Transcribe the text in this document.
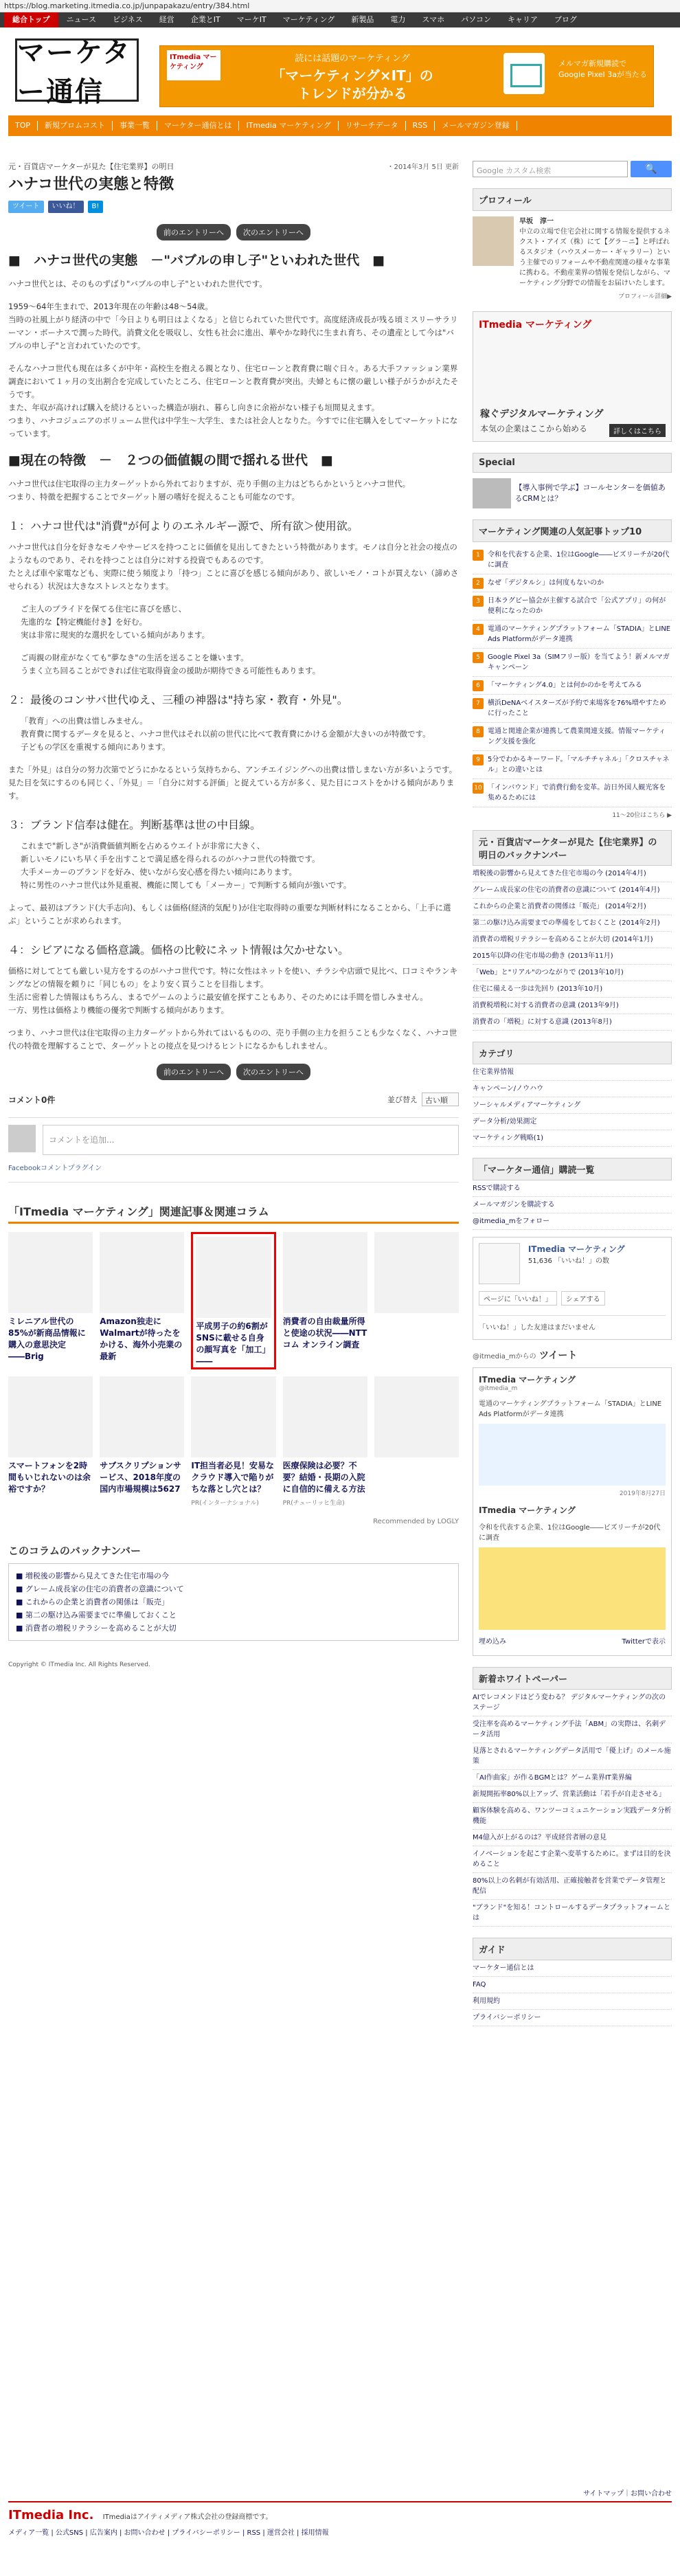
https://blog.marketing.itmedia.co.jp/junpapakazu/entry/384.html
総合トップ	ニュース	ビジネス	経営	企業とIT	マーケIT	マーケティング	新製品	電力	スマホ	パソコン	キャリア	ブログ
マーケター通信
ITmedia マーケティング
読には話題のマーケティング
「マーケティング×IT」の
トレンドが分かる
メルマガ新規購読で Google Pixel 3aが当たる
TOP	新規プロムコスト	事業一覧	マーケター通信とは	ITmedia マーケティング	リサーチデータ	RSS	メールマガジン登録
元・百貨店マーケターが見た【住宅業界】の明日	・2014年3月 5日 更新
ハナコ世代の実態と特徴
ツイート	いいね！	B!
前のエントリーへ	次のエントリーへ
■　ハナコ世代の実態　－"バブルの申し子"といわれた世代　■

ハナコ世代とは、そのものずばり"バブルの申し子"といわれた世代です。

1959〜64年生まれで、2013年現在の年齢は48〜54歳。
当時の社風上がり経済の中で「今日よりも明日はよくなる」と信じられていた世代です。高度経済成長が残る頃ミスリーサラリーマン・ボーナスで潤った時代。消費文化を吸収し、女性も社会に進出、華やかな時代に生まれ育ち、その遺産として今は"バブルの申し子"と言われていたのです。

そんなハナコ世代も現在は多くが中年・高校生を抱える親となり、住宅ローンと教育費に喘ぐ日々。ある大手ファッション業界調査において１ヶ月の支出割合を完成していたところ、住宅ローンと教育費が突出。夫婦ともに懐の厳しい様子がうかがえたそうです。
また、年収が高ければ購入を続けるといった構造が崩れ、暮らし向きに余裕がない様子も垣間見えます。
つまり、ハナコジュニアのボリューム世代は中学生〜大学生、または社会人となりた。今すでに住宅購入をしてマーケットになっています。

■現在の特徴　－　２つの価値観の間で揺れる世代　■

ハナコ世代は住宅取得の主力ターゲットから外れておりますが、売り手側の主力はどちらかというとハナコ世代。
つまり、特徴を把握することでターゲット層の嗜好を捉えることも可能なのです。

１：ハナコ世代は"消費"が何よりのエネルギー源で、所有欲＞使用欲。

ハナコ世代は自分を好きなモノやサービスを持つことに価値を見出してきたという特徴があります。モノは自分と社会の接点のようなものであり、それを持つことは自分に対する投資でもあるのです。
たとえば車や家電なども、実際に使う頻度より「持つ」ことに喜びを感じる傾向があり、欲しいモノ・コトが買えない（諦めさせられる）状況は大きなストレスとなります。

ご主人のプライドを保てる住宅に喜びを感じ、
先進的な【特定機能付き】を好む。
実は非常に現実的な選択をしている傾向があります。
ご両親の財産がなくても"夢なき"の生活を送ることを嫌います。
うまく立ち回ることができれば住宅取得資金の援助が期待できる可能性もあります。
２：最後のコンサバ世代ゆえ、三種の神器は"持ち家・教育・外見"。
「教育」への出費は惜しみません。
教育費に関するデータを見ると、ハナコ世代はそれ以前の世代に比べて教育費にかける金額が大きいのが特徴です。
子どもの学区を重視する傾向にあります。

また「外見」は自分の努力次第でどうにかなるという気持ちから、アンチエイジングへの出費は惜しまない方が多いようです。
見た目を気にするのも同じく、「外見」＝「自分に対する評価」と捉えている方が多く、見た目にコストをかける傾向があります。

３：ブランド信奉は健在。判断基準は世の中目線。
これまで"新しさ"が消費価値判断を占めるウエイトが非常に大きく、
新しいモノにいち早く手を出すことで満足感を得られるのがハナコ世代の特徴です。
大手メーカーのブランドを好み、使いながら安心感を得たい傾向にあります。
特に男性のハナコ世代は外見重視、機能に関しても「メーカー」で判断する傾向が強いです。

よって、最初はブランド(大手志向)、もしくは価格(経済的気配り)が住宅取得時の重要な判断材料になることから、「上手に選ぶ」ということが求められます。

４：シビアになる価格意識。価格の比較にネット情報は欠かせない。

価格に対してとても厳しい見方をするのがハナコ世代です。特に女性はネットを使い、チラシや店頭で見比べ、口コミやランキングなどの情報を頼りに「同じもの」をより安く買うことを目指します。
生活に密着した情報はもちろん、まるでゲームのように最安値を探すこともあり、そのためには手間を惜しみません。
一方、男性は価格より機能の優劣で判断する傾向があります。

つまり、ハナコ世代は住宅取得の主力ターゲットから外れてはいるものの、売り手側の主力を担うことも少なくなく、ハナコ世代の特徴を理解することで、ターゲットとの接点を見つけるヒントになるかもしれません。

前のエントリーへ	次のエントリーへ
コメント0件	並び替え	古い順
コメントを追加...
Facebookコメントプラグイン
「ITmedia マーケティング」関連記事＆関連コラム
ミレニアル世代の85%が新商品情報に購入の意思決定――Brig
Amazon独走にWalmartが待ったをかける、海外小売業の最新
平成男子の約6割がSNSに載せる自身の顔写真を「加工」――
消費者の自由裁量所得と使途の状況――NTTコム オンライン調査
スマートフォンを2時間もいじれないのは余裕ですか？
サブスクリプションサービス、2018年度の国内市場規模は5627
IT担当者必見！安易なクラウド導入で陥りがちな落とし穴とは？
PR(インターナショナル)
医療保険は必要？不要？結婚・長期の入院に自信的に備える方法
PR(チューリッヒ生命)
Recommended by LOGLY
このコラムのバックナンバー
■ 増税後の影響から見えてきた住宅市場の今
■ グレーム成長家の住宅の消費者の意識について
■ これからの企業と消費者の関係は「販売」
■ 第二の駆け込み需要までに準備しておくこと
■ 消費者の増税リテラシーを高めることが大切
Copyright © ITmedia Inc. All Rights Reserved.
Google カスタム検索	🔍
プロフィール
早坂　淳一
中立の立場で住宅会社に関する情報を提供するネクスト・アイズ（株）にて【グラ－ニ】と呼ばれるスタジオ（ハウスメーカー・ギャラリー）という主催でのリフォームや不動産関連の様々な事業に携わる。不動産業界の情報を発信しながら、マーケティング分野での情報をお届けいたします。
プロフィール詳細▶
ITmedia マーケティング
稼ぐデジタルマーケティング
本気の企業はここから始める	詳しくはこちら
Special
【導入事例で学ぶ】コールセンターを価値あるCRMとは？
マーケティング関連の人気記事トップ10
1	令和を代表する企業、1位はGoogle――ビズリーチが20代に調査
2	なぜ「デジタルシ」は何度もないのか
3	日本ラグビー協会が主催する試合で「公式アプリ」の何が便利になったのか
4	電通のマーケティングプラットフォーム「STADIA」とLINE Ads Platformがデータ連携
5	Google Pixel 3a（SIMフリー版）を当てよう！新メルマガキャンペーン
6	「マーケティング4.0」とは何かのかを考えてみる
7	横浜DeNAベイスターズが予約で来場客を76%増やすために行ったこと
8	電通と関連企業が連携して農業関連支援。情報マーケティング支援を強化
9	5分でわかるキーワード。「マルチチャネル」「クロスチャネル」との違いとは
10 「インバウンド」で消費行動を変革。訪日外国人観光客を集めるためには
11〜20位はこちら ▶
元・百貨店マーケターが見た【住宅業界】の明日のバックナンバー
増税後の影響から見えてきた住宅市場の今 (2014年4月)
グレーム成長家の住宅の消費者の意識について (2014年4月)
これからの企業と消費者の関係は「販売」 (2014年2月)
第二の駆け込み需要までの準備をしておくこと (2014年2月)
消費者の増税リテラシーを高めることが大切 (2014年1月)
2015年以降の住宅市場の動き (2013年11月)
「Web」と"リアル"のつながりで (2013年10月)
住宅に備える一歩は先回り (2013年10月)
消費税増税に対する消費者の意識 (2013年9月)
消費者の「増税」に対する意識 (2013年8月)
カテゴリ
住宅業界情報
キャンペーン/ノウハウ
ソーシャルメディアマーケティング
データ分析/効果測定
マーケティング戦略(1)
「マーケター通信」購読一覧
RSSで購読する
メールマガジンを購読する
@itmedia_mをフォロー
ITmedia マーケティング
51,636 「いいね！」の数
ページに「いいね！」	シェアする
「いいね！」した友達はまだいません
@itmedia_mからの ツイート
ITmedia マーケティング
@itmedia_m
電通のマーケティングプラットフォーム「STADIA」とLINE Ads Platformがデータ連携
2019年8月27日
ITmedia マーケティング
令和を代表する企業、1位はGoogle――ビズリーチが20代に調査
埋め込み	Twitterで表示
新着ホワイトペーパー
AIでレコメンドはどう変わる？ デジタルマーケティングの次のステージ
受注率を高めるマーケティング手法「ABM」の実際は、名刺データ活用
見落とされるマーケティングデータ活用で「優上げ」のメール施策
「AI作曲家」が作るBGMとは？ゲーム業界IT業界編
新規開拓率80%以上アップ、営業活動は「若手が自走させる」
顧客体験を高める、ワンツーコミュニケーション実践データ分析機能
M4億入が上がるのは？平成経営者層の意見
イノベーションを起こす企業へ変革するために。まずは目的を決めること
80%以上の名刺が有効活用、正確接触者を営業でデータ管理と配信
"ブランド"を知る！コントロールするデータプラットフォームとは
ガイド
マーケター通信とは
FAQ
利用規約
プライバシーポリシー
サイトマップ｜お問い合わせ
ITmedia Inc. ITmediaはアイティメディア株式会社の登録商標です。
メディア一覧 | 公式SNS | 広告案内 | お問い合わせ | プライバシーポリシー | RSS | 運営会社 | 採用情報
